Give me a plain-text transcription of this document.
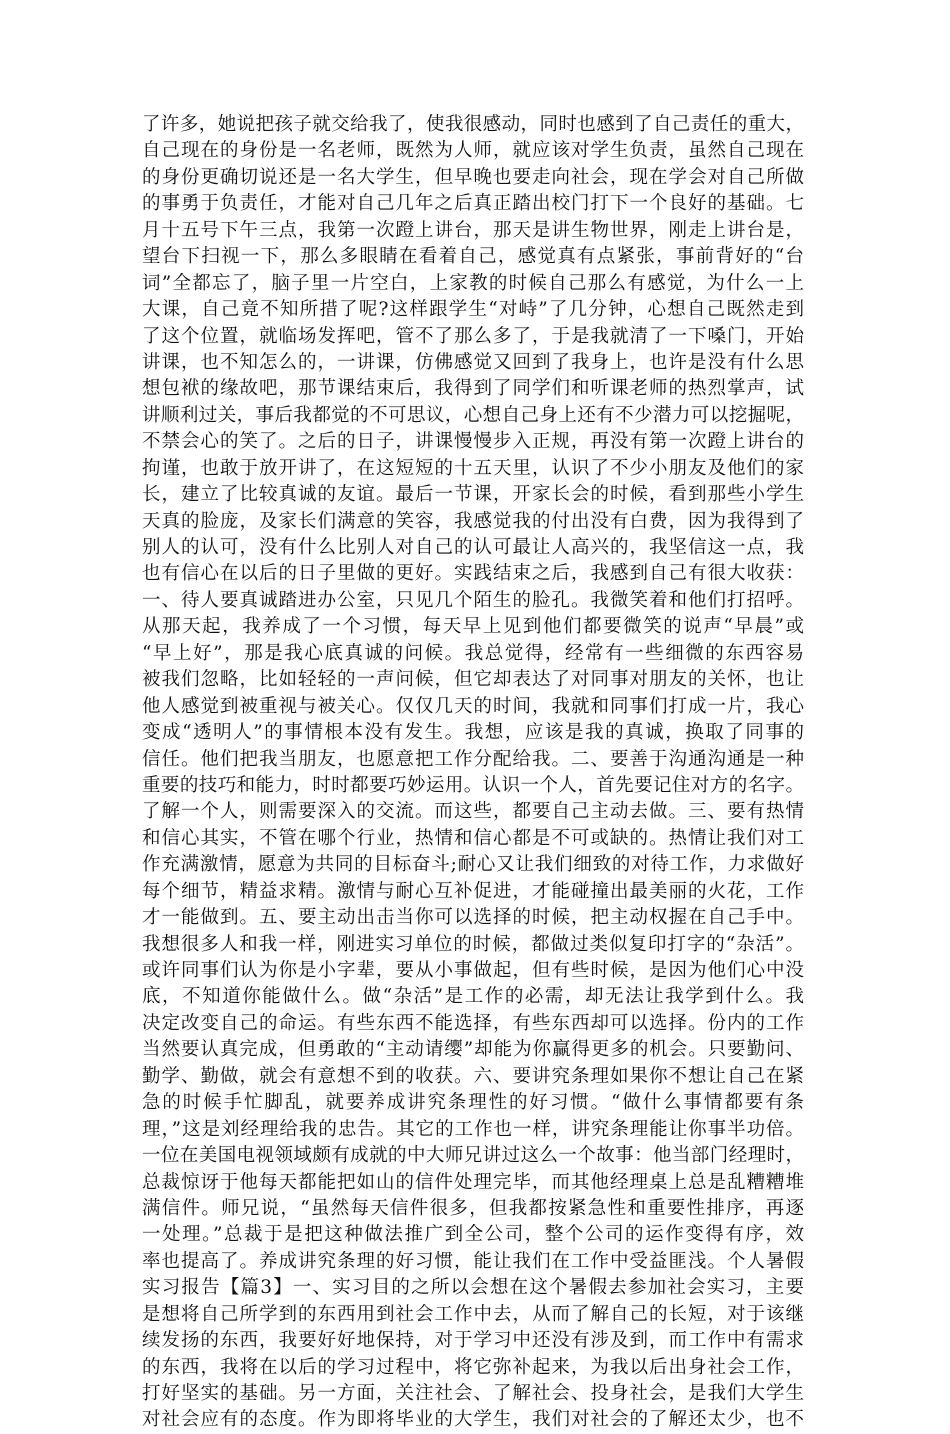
了许多，她说把孩子就交给我了，使我很感动，同时也感到了自己责任的重大，
自己现在的身份是一名老师，既然为人师，就应该对学生负责，虽然自己现在
的身份更确切说还是一名大学生，但早晚也要走向社会，现在学会对自己所做
的事勇于负责任，才能对自己几年之后真正踏出校门打下一个良好的基础。七
月十五号下午三点，我第一次蹬上讲台，那天是讲生物世界，刚走上讲台是，
望台下扫视一下，那么多眼睛在看着自己，感觉真有点紧张，事前背好的“台
词”全都忘了，脑子里一片空白，上家教的时候自己那么有感觉，为什么一上
大课，自己竟不知所措了呢?这样跟学生“对峙”了几分钟，心想自己既然走到
了这个位置，就临场发挥吧，管不了那么多了，于是我就清了一下嗓门，开始
讲课，也不知怎么的，一讲课，仿佛感觉又回到了我身上，也许是没有什么思
想包袱的缘故吧，那节课结束后，我得到了同学们和听课老师的热烈掌声，试
讲顺利过关，事后我都觉的不可思议，心想自己身上还有不少潜力可以挖掘呢，
不禁会心的笑了。之后的日子，讲课慢慢步入正规，再没有第一次蹬上讲台的
拘谨，也敢于放开讲了，在这短短的十五天里，认识了不少小朋友及他们的家
长，建立了比较真诚的友谊。最后一节课，开家长会的时候，看到那些小学生
天真的脸庞，及家长们满意的笑容，我感觉我的付出没有白费，因为我得到了
别人的认可，没有什么比别人对自己的认可最让人高兴的，我坚信这一点，我
也有信心在以后的日子里做的更好。实践结束之后，我感到自己有很大收获：
一、待人要真诚踏进办公室，只见几个陌生的脸孔。我微笑着和他们打招呼。
从那天起，我养成了一个习惯，每天早上见到他们都要微笑的说声“早晨”或
“早上好”，那是我心底真诚的问候。我总觉得，经常有一些细微的东西容易
被我们忽略，比如轻轻的一声问候，但它却表达了对同事对朋友的关怀，也让
他人感觉到被重视与被关心。仅仅几天的时间，我就和同事们打成一片，我心
变成“透明人”的事情根本没有发生。我想，应该是我的真诚，换取了同事的
信任。他们把我当朋友，也愿意把工作分配给我。二、要善于沟通沟通是一种
重要的技巧和能力，时时都要巧妙运用。认识一个人，首先要记住对方的名字。
了解一个人，则需要深入的交流。而这些，都要自己主动去做。三、要有热情
和信心其实，不管在哪个行业，热情和信心都是不可或缺的。热情让我们对工
作充满激情，愿意为共同的目标奋斗;耐心又让我们细致的对待工作，力求做好
每个细节，精益求精。激情与耐心互补促进，才能碰撞出最美丽的火花，工作
才一能做到。五、要主动出击当你可以选择的时候，把主动权握在自己手中。
我想很多人和我一样，刚进实习单位的时候，都做过类似复印打字的“杂活”。
或许同事们认为你是小字辈，要从小事做起，但有些时候，是因为他们心中没
底，不知道你能做什么。做“杂活”是工作的必需，却无法让我学到什么。我
决定改变自己的命运。有些东西不能选择，有些东西却可以选择。份内的工作
当然要认真完成，但勇敢的“主动请缨”却能为你赢得更多的机会。只要勤问、
勤学、勤做，就会有意想不到的收获。六、要讲究条理如果你不想让自己在紧
急的时候手忙脚乱，就要养成讲究条理性的好习惯。“做什么事情都要有条
理，”这是刘经理给我的忠告。其它的工作也一样，讲究条理能让你事半功倍。
一位在美国电视领域颇有成就的中大师兄讲过这么一个故事：他当部门经理时，
总裁惊讶于他每天都能把如山的信件处理完毕，而其他经理桌上总是乱糟糟堆
满信件。师兄说，“虽然每天信件很多，但我都按紧急性和重要性排序，再逐
一处理。”总裁于是把这种做法推广到全公司，整个公司的运作变得有序，效
率也提高了。养成讲究条理的好习惯，能让我们在工作中受益匪浅。个人暑假
实习报告【篇3】一、实习目的之所以会想在这个暑假去参加社会实习，主要
是想将自己所学到的东西用到社会工作中去，从而了解自己的长短，对于该继
续发扬的东西，我要好好地保持，对于学习中还没有涉及到，而工作中有需求
的东西，我将在以后的学习过程中，将它弥补起来，为我以后出身社会工作，
打好坚实的基础。另一方面，关注社会、了解社会、投身社会，是我们大学生
对社会应有的态度。作为即将毕业的大学生，我们对社会的了解还太少，也不
